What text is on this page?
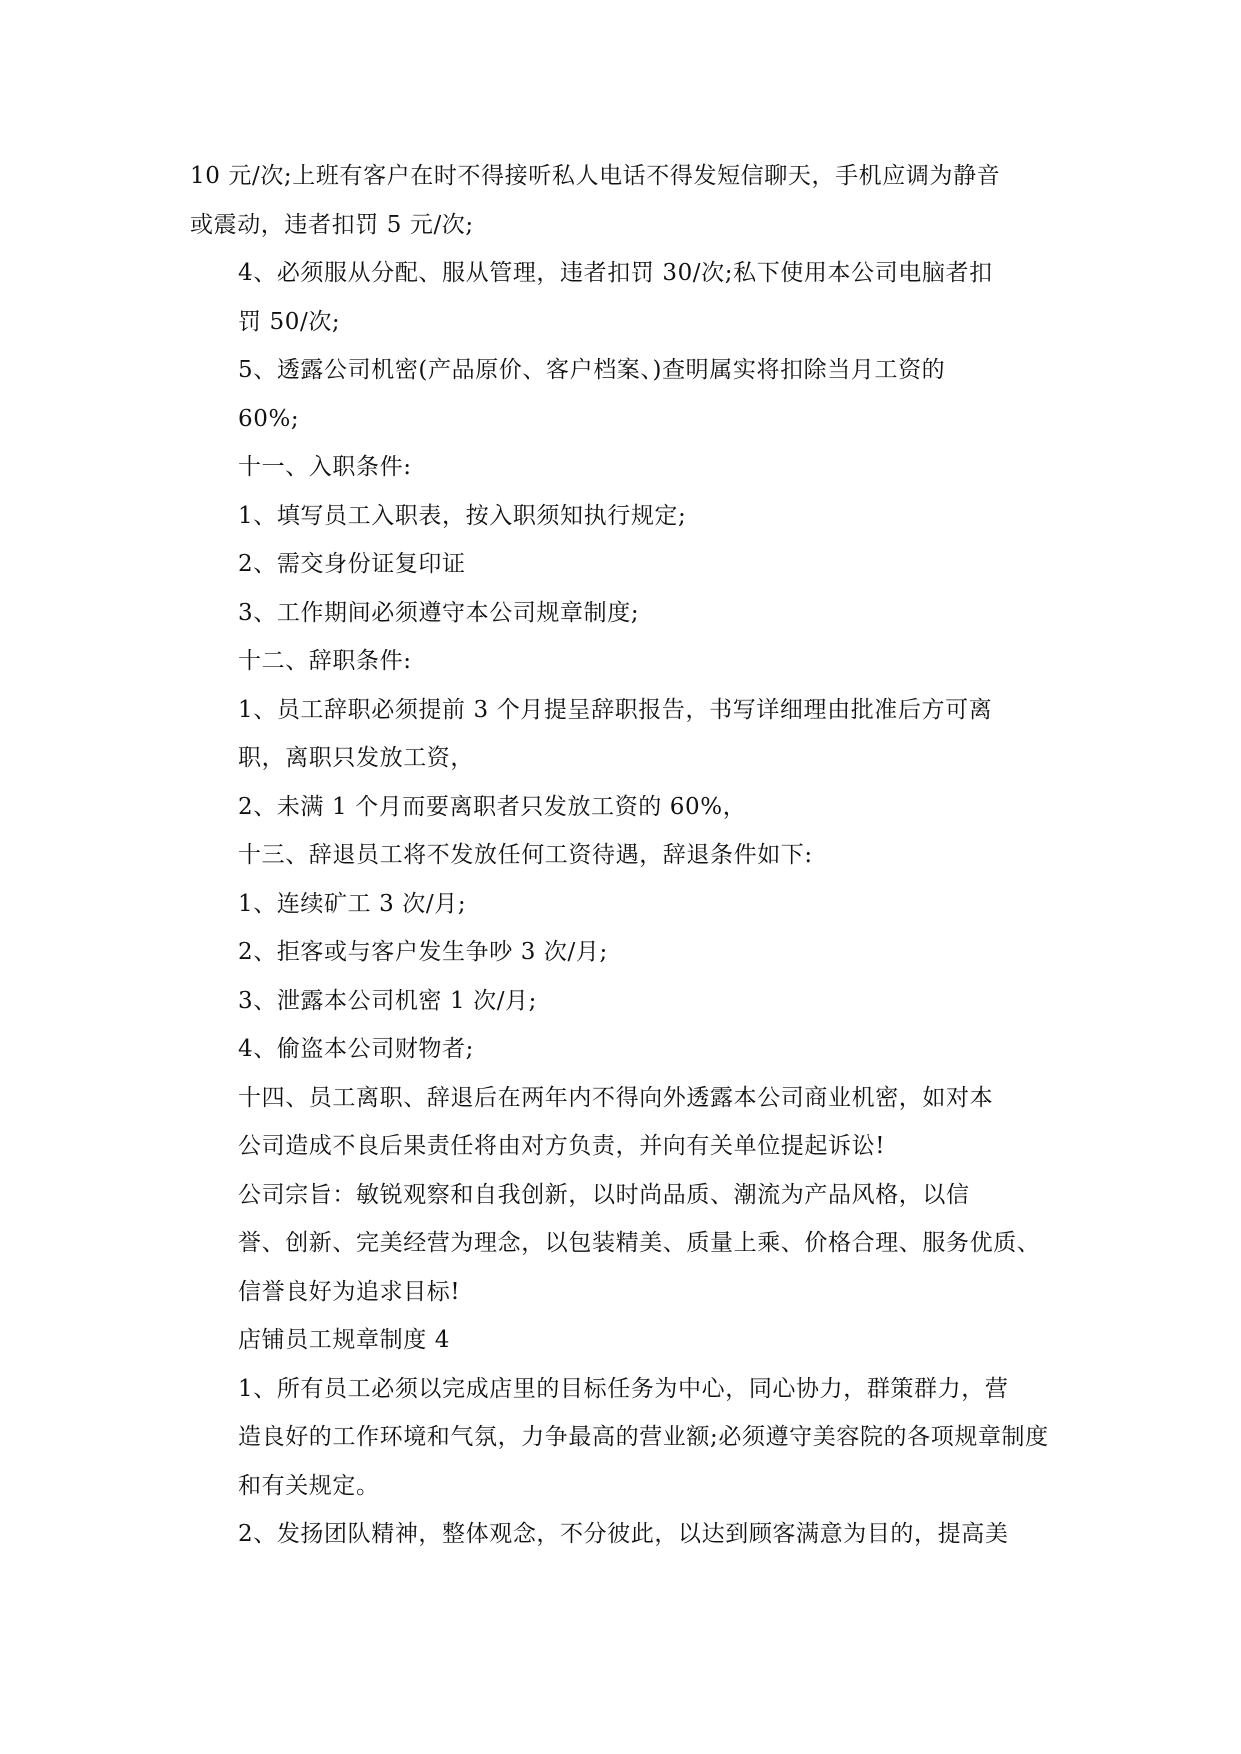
10 元/次;上班有客户在时不得接听私人电话不得发短信聊天，手机应调为静音
或震动，违者扣罚 5 元/次;

4、必须服从分配、服从管理，违者扣罚 30/次;私下使用本公司电脑者扣
罚 50/次;

5、透露公司机密(产品原价、客户档案、)查明属实将扣除当月工资的
60%;

十一、入职条件:

1、填写员工入职表，按入职须知执行规定;

2、需交身份证复印证

3、工作期间必须遵守本公司规章制度;

十二、辞职条件:

1、员工辞职必须提前 3 个月提呈辞职报告，书写详细理由批准后方可离
职，离职只发放工资，

2、未满 1 个月而要离职者只发放工资的 60%，

十三、辞退员工将不发放任何工资待遇，辞退条件如下:

1、连续矿工 3 次/月;

2、拒客或与客户发生争吵 3 次/月;

3、泄露本公司机密 1 次/月;

4、偷盗本公司财物者;

十四、员工离职、辞退后在两年内不得向外透露本公司商业机密，如对本
公司造成不良后果责任将由对方负责，并向有关单位提起诉讼!

公司宗旨：敏锐观察和自我创新，以时尚品质、潮流为产品风格，以信
誉、创新、完美经营为理念，以包装精美、质量上乘、价格合理、服务优质、
信誉良好为追求目标!

店铺员工规章制度 4

1、所有员工必须以完成店里的目标任务为中心，同心协力，群策群力，营
造良好的工作环境和气氛，力争最高的营业额;必须遵守美容院的各项规章制度
和有关规定。

2、发扬团队精神，整体观念，不分彼此，以达到顾客满意为目的，提高美
